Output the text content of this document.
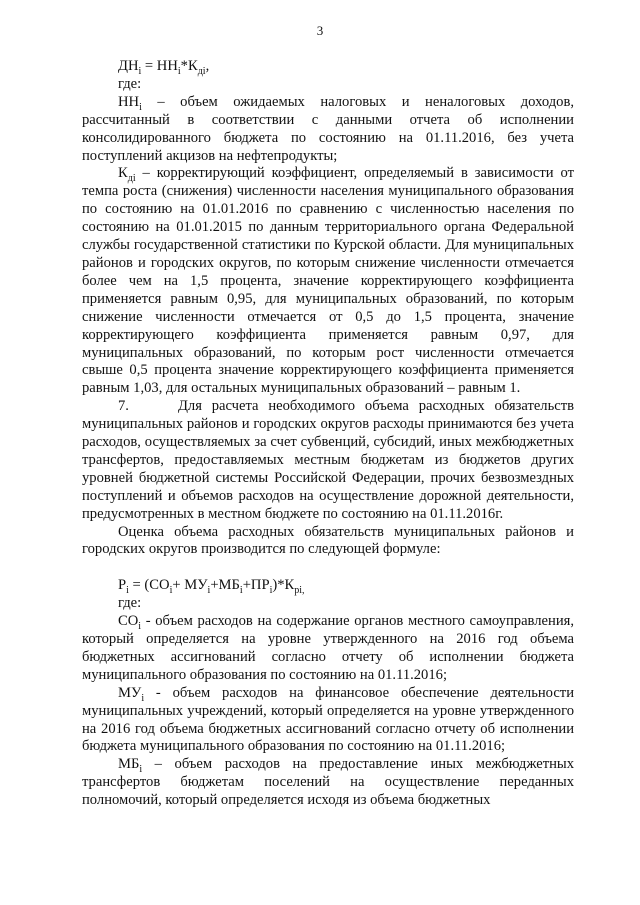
3

$ДН_i = НН_i*К_{дi}$,

где:

$НН_i$ – объем ожидаемых налоговых и неналоговых доходов, рассчитанный в соответствии с данными отчета об исполнении консолидированного бюджета по состоянию на 01.11.2016, без учета поступлений акцизов на нефтепродукты;

$К_{дi}$ – корректирующий коэффициент, определяемый в зависимости от темпа роста (снижения) численности населения муниципального образования по состоянию на 01.01.2016 по сравнению с численностью населения по состоянию на 01.01.2015 по данным территориального органа Федеральной службы государственной статистики по Курской области. Для муниципальных районов и городских округов, по которым снижение численности отмечается более чем на 1,5 процента, значение корректирующего коэффициента применяется равным 0,95, для муниципальных образований, по которым снижение численности отмечается от 0,5 до 1,5 процента, значение корректирующего коэффициента применяется равным 0,97, для муниципальных образований, по которым рост численности отмечается свыше 0,5 процента значение корректирующего коэффициента применяется равным 1,03, для остальных муниципальных образований – равным 1.

7.     Для расчета необходимого объема расходных обязательств муниципальных районов и городских округов расходы принимаются без учета расходов, осуществляемых за счет субвенций, субсидий, иных межбюджетных трансфертов, предоставляемых местным бюджетам из бюджетов других уровней бюджетной системы Российской Федерации, прочих безвозмездных поступлений и объемов расходов на осуществление дорожной деятельности, предусмотренных в местном бюджете по состоянию на 01.11.2016г.

Оценка объема расходных обязательств муниципальных районов и городских округов производится по следующей формуле:

$Р_i = (СО_i+ МУ_i+МБ_i+ПР_i)*К_{рi,}$

где:

$СО_i$ - объем расходов на содержание органов местного самоуправления, который определяется на уровне утвержденного на 2016 год объема бюджетных ассигнований согласно отчету об исполнении бюджета муниципального образования по состоянию на 01.11.2016;

$МУ_i$ - объем расходов на финансовое обеспечение деятельности муниципальных учреждений, который определяется на уровне утвержденного на 2016 год объема бюджетных ассигнований согласно отчету об исполнении бюджета муниципального образования по состоянию на 01.11.2016;

$МБ_i$ – объем расходов на предоставление иных межбюджетных трансфертов бюджетам поселений на осуществление переданных полномочий, который определяется исходя из объема бюджетных
